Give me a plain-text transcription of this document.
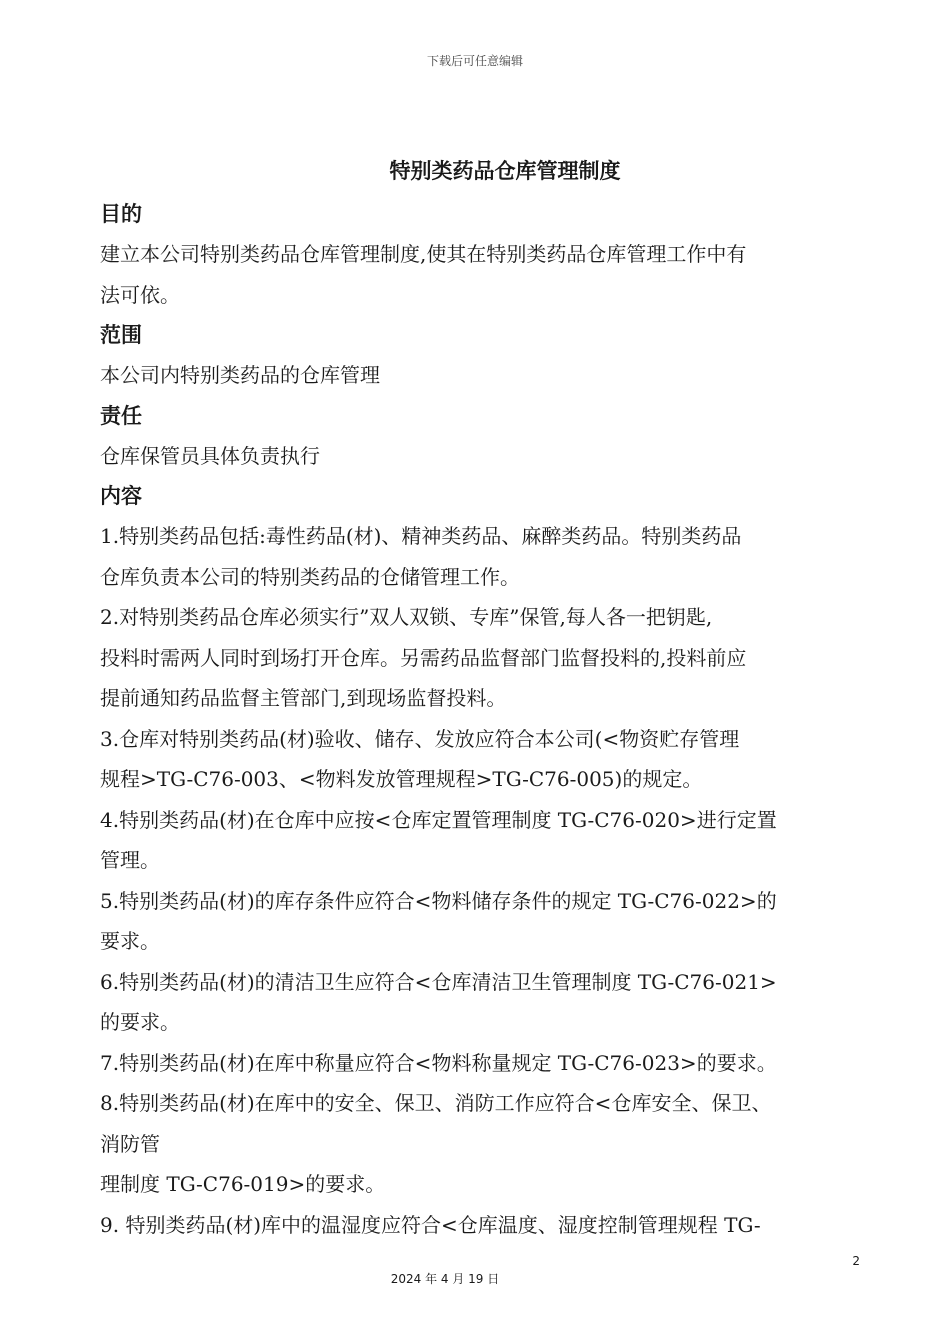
下载后可任意编辑
特别类药品仓库管理制度
目的

建立本公司特别类药品仓库管理制度,使其在特别类药品仓库管理工作中有

法可依。

范围

本公司内特别类药品的仓库管理

责任

仓库保管员具体负责执行

内容

1.特别类药品包括:毒性药品(材)、精神类药品、麻醉类药品。特别类药品

仓库负责本公司的特别类药品的仓储管理工作。

2.对特别类药品仓库必须实行”双人双锁、专库”保管,每人各一把钥匙,

投料时需两人同时到场打开仓库。另需药品监督部门监督投料的,投料前应

提前通知药品监督主管部门,到现场监督投料。

3.仓库对特别类药品(材)验收、储存、发放应符合本公司(<物资贮存管理

规程>TG-C76-003、<物料发放管理规程>TG-C76-005)的规定。

4.特别类药品(材)在仓库中应按<仓库定置管理制度 TG-C76-020>进行定置

管理。

5.特别类药品(材)的库存条件应符合<物料储存条件的规定 TG-C76-022>的

要求。

6.特别类药品(材)的清洁卫生应符合<仓库清洁卫生管理制度 TG-C76-021>

的要求。

7.特别类药品(材)在库中称量应符合<物料称量规定 TG-C76-023>的要求。

8.特别类药品(材)在库中的安全、保卫、消防工作应符合<仓库安全、保卫、

消防管

理制度 TG-C76-019>的要求。

9. 特别类药品(材)库中的温湿度应符合<仓库温度、湿度控制管理规程 TG-

2
2024 年 4 月 19 日
